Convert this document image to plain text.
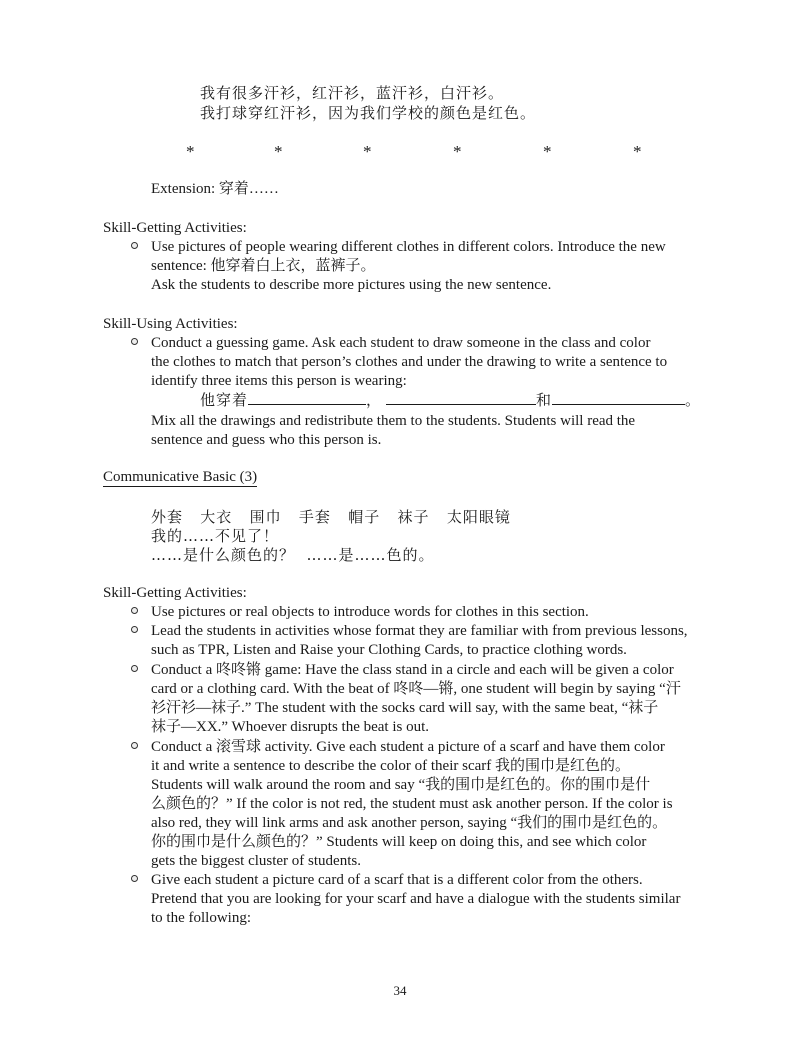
我有很多汗衫，红汗衫，蓝汗衫，白汗衫。
我打球穿红汗衫，因为我们学校的颜色是红色。
*	*	*	*	*	*
Extension: 穿着……
Skill-Getting Activities:
Use pictures of people wearing different clothes in different colors. Introduce the new
sentence: 他穿着白上衣，蓝裤子。
Ask the students to describe more pictures using the new sentence.
Skill-Using Activities:
Conduct a guessing game. Ask each student to draw someone in the class and color
the clothes to match that person’s clothes and under the drawing to write a sentence to
identify three items this person is wearing:
他穿着	，	和	。
Mix all the drawings and redistribute them to the students. Students will read the
sentence and guess who this person is.
Communicative Basic (3)
外套   大衣   围巾   手套   帽子   袜子   太阳眼镜
我的……不见了！
……是什么颜色的？  ……是……色的。
Skill-Getting Activities:
Use pictures or real objects to introduce words for clothes in this section.
Lead the students in activities whose format they are familiar with from previous lessons,
such as TPR, Listen and Raise your Clothing Cards, to practice clothing words.
Conduct a 咚咚锵 game: Have the class stand in a circle and each will be given a color
card or a clothing card. With the beat of 咚咚—锵, one student will begin by saying “汗
衫汗衫—袜子.” The student with the socks card will say, with the same beat, “袜子
袜子—XX.” Whoever disrupts the beat is out.
Conduct a 滚雪球 activity. Give each student a picture of a scarf and have them color
it and write a sentence to describe the color of their scarf 我的围巾是红色的。
Students will walk around the room and say “我的围巾是红色的。你的围巾是什
么颜色的？” If the color is not red, the student must ask another person. If the color is
also red, they will link arms and ask another person, saying “我们的围巾是红色的。
你的围巾是什么颜色的？” Students will keep on doing this, and see which color
gets the biggest cluster of students.
Give each student a picture card of a scarf that is a different color from the others.
Pretend that you are looking for your scarf and have a dialogue with the students similar
to the following:
34
